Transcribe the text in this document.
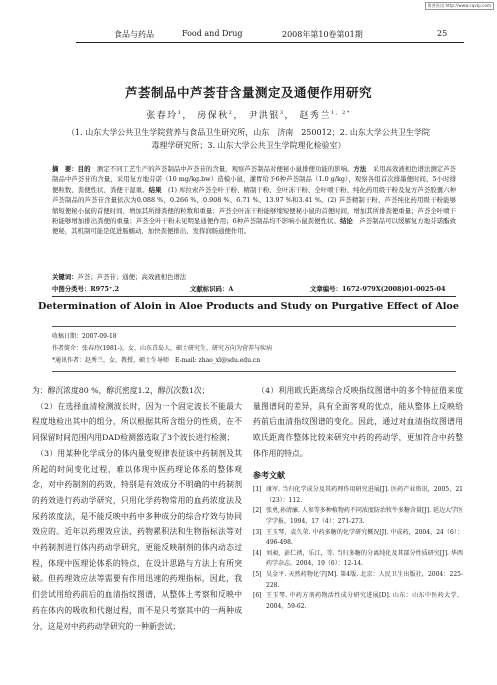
维普资讯 http://www.cqvip.com
食品与药品	Food and Drug	2008年第10卷第01期	25
芦荟制品中芦荟苷含量测定及通便作用研究
张春玲$^1$， 房保秋$^2$， 尹洪银$^3$， 赵秀兰$^{1,2*}$
（1. 山东大学公共卫生学院营养与食品卫生研究所，山东　济南　250012；2. 山东大学公共卫生学院
毒理学研究所；3. 山东大学公共卫生学院理化检验室）
摘　要：目的　测定不同工艺生产的芦荟制品中芦荟苷的含量，观察芦荟制品对便秘小鼠排便功能的影响。方法　采用高效液相色谱法测定芦荟制品中芦荟苷的含量，采用复方地芬诺（10 mg/kg.bw）造模小鼠，灌胃给予6种芦荟制品（1.0 g/kg），观察各组首次排墨便时间、5小时排便粒数、粪便性状、粪便干湿重。结果　(1) 库拉索芦荟全叶干粉、精制干粉、全叶冻干粉、全叶喷干粉、纯化药用级干粉及复方芦荟胶囊六种芦荟制品的芦荟苷含量依次为0.088 %、0.266 %、0.908 %、6.71 %、13.97 %和3.41 %。(2) 芦荟精制干粉、芦荟纯化药用级干粉能够缩短便秘小鼠的首便时间、增加其所排粪便的粒数和重量；芦荟全叶冻干粉能够缩短便秘小鼠的首便时间，增加其所排粪便重量；芦荟全叶喷干粉能够增加排出粪便的重量；芦荟全叶干粉未见明显通便作用；6种芦荟制品均不影响小鼠粪便性状。结论　芦荟制品可以缓解复方地芬诺酯致便秘，其机制可能是促进肠蠕动，加快粪便排出、发挥润肠通便作用。
关键词：芦荟；芦荟苷；通便；高效液相色谱法
中图分类号：R975⁺.2	文献标识码：A	文章编号：1672-979X(2008)01-0025-04
Determination of Aloin in Aloe Products and Study on Purgative Effect of Aloe
收稿日期：2007-09-18
作者简介：张春玲(1981-)，女，山东青岛人，硕士研究生，研究方向为营养与疾病
*通讯作者：赵秀兰，女，教授，硕士生导师　E-mail: zhao_xl@sdu.edu.cn

为：醇沉浓度80 %，醇沉密度1.2，醇沉次数1次；

　（2）在选择血清检测波长时，因为一个固定波长不能最大程度地检出其中的组分，所以根据其所含组分的性质，在不同保留时间范围内用DAD检测器选取了3个波长进行检测；

　（3）用某种化学成分的体内量变规律表征该中药制剂及其所起的时间变化过程，难以体现中医药理论体系的整体观念，对中药制剂的药效，特别是有效成分不明确的中药制剂的药效进行药动学研究，只用化学药物常用的血药浓度法及尿药浓度法，是不能反映中药中多种成分的综合疗效与协同效应的。近年以药理效应法、药物累积法和生物指标法等对中药制剂进行体内药动学研究，更能反映制剂的体内动态过程，体现中医理论体系的特点，在设计思路与方法上有所突破。但药理效应法等需要有作用迅速的药理指标，因此，我们尝试用给药前后的血清指纹图谱，从整体上考察和反映中药在体内的吸收和代谢过程，而不是只考察其中的一两种成分，这是对中药药动学研究的一种新尝试；

　（4）利用欧氏距离综合反映指纹图谱中的多个特征值来度量图谱间的差异，具有全面客观的优点，能从整体上反映给药前后血清指纹图谱的变化。因此，通过对血清指纹图谱用欧氏距离作整体比较来研究中药的药动学，更加符合中药整体作用的特点。

参考文献
[1] 康军. 当归化学成分及其药理作用研究进展[J]. 医药产业资讯，2005，21（23）：112.
[2] 张勇,孙清廉. 人参等多种植物药不同浓度防治牧牛多糖含量[J]. 延边大学医学学报，1994，17（4）：271-273.
[3] 王玉琴，袁久荣. 中药多糖的化学研究概况[J]. 中成药，2004，24（6）：496-498.
[4] 刘昶，彭仁琇，乐江，等. 当归多糖的分离纯化及其部分性质研究[J]. 华西药学杂志，2004，19（6）：12-14.
[5] 吴金平. 天然药物化学[M]. 第4版. 北京：人民卫生出版社，2004：225-228.
[6] 王玉琴. 中药方剂药物活性成分研究进展[D]. 山东：山东中医药大学，2004，59-62.
